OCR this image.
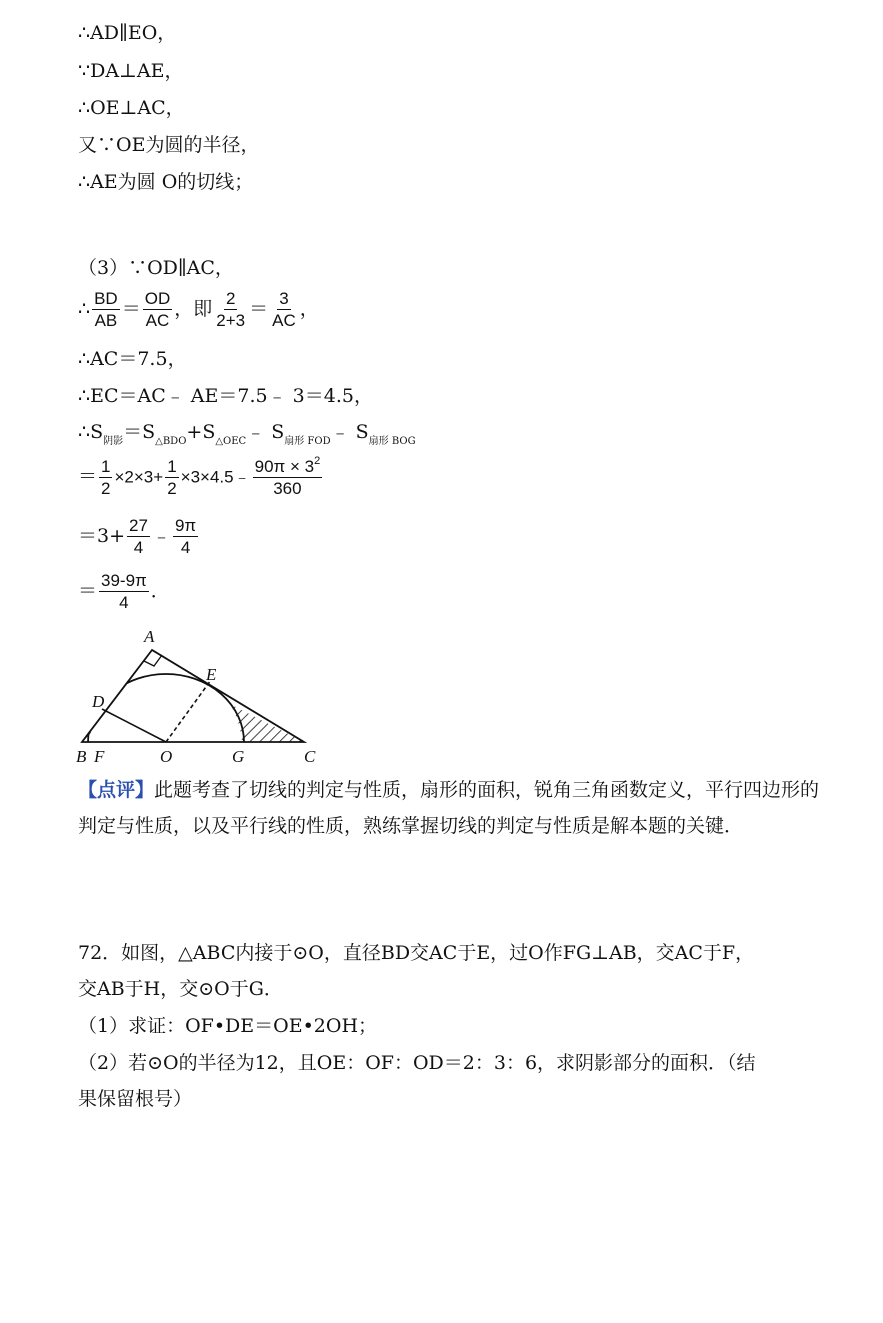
∴AD∥EO，
∵DA⊥AE，
∴OE⊥AC，
又∵OE为圆的半径，
∴AE为圆 O的切线；
（3）∵OD∥AC，
∴ $\frac{BD}{AB} = \frac{OD}{AC}$ ，即 $\frac{2}{2+3} = \frac{3}{AC}$ ，
∴AC＝7.5，
∴EC＝AC﹣ AE＝7.5﹣ 3＝4.5，
$\therefore S_{阴影}=S_{\triangle BDO}+S_{\triangle OEC}﹣$ $S_{扇形 FOD}﹣$ $S_{扇形 BOG}$
＝ $\frac{1}{2} \times 2\times 3+ \frac{1}{2}$ ×3×4.5﹣ $\frac{90\pi \times 3^2}{360}$
$=3+ \frac{27}{4}$ ﹣ $\frac{9\pi}{4}$
＝ $\frac{39-9\pi}{4}$ ．
A
E
D
B F	O	G	C
【点评】此题考查了切线的判定与性质，扇形的面积，锐角三角函数定义，平行四边形的判定与性质，以及平行线的性质，熟练掌握切线的判定与性质是解本题的关键．
72．如图，△ABC内接于⊙O，直径BD交AC于E，过O作FG⊥AB，交AC于F，
交AB于H，交⊙O于G．
（1）求证：OF•DE＝OE•2OH；
（2）若⊙O的半径为12，且OE：OF：OD＝2：3：6，求阴影部分的面积．（结
果保留根号）
